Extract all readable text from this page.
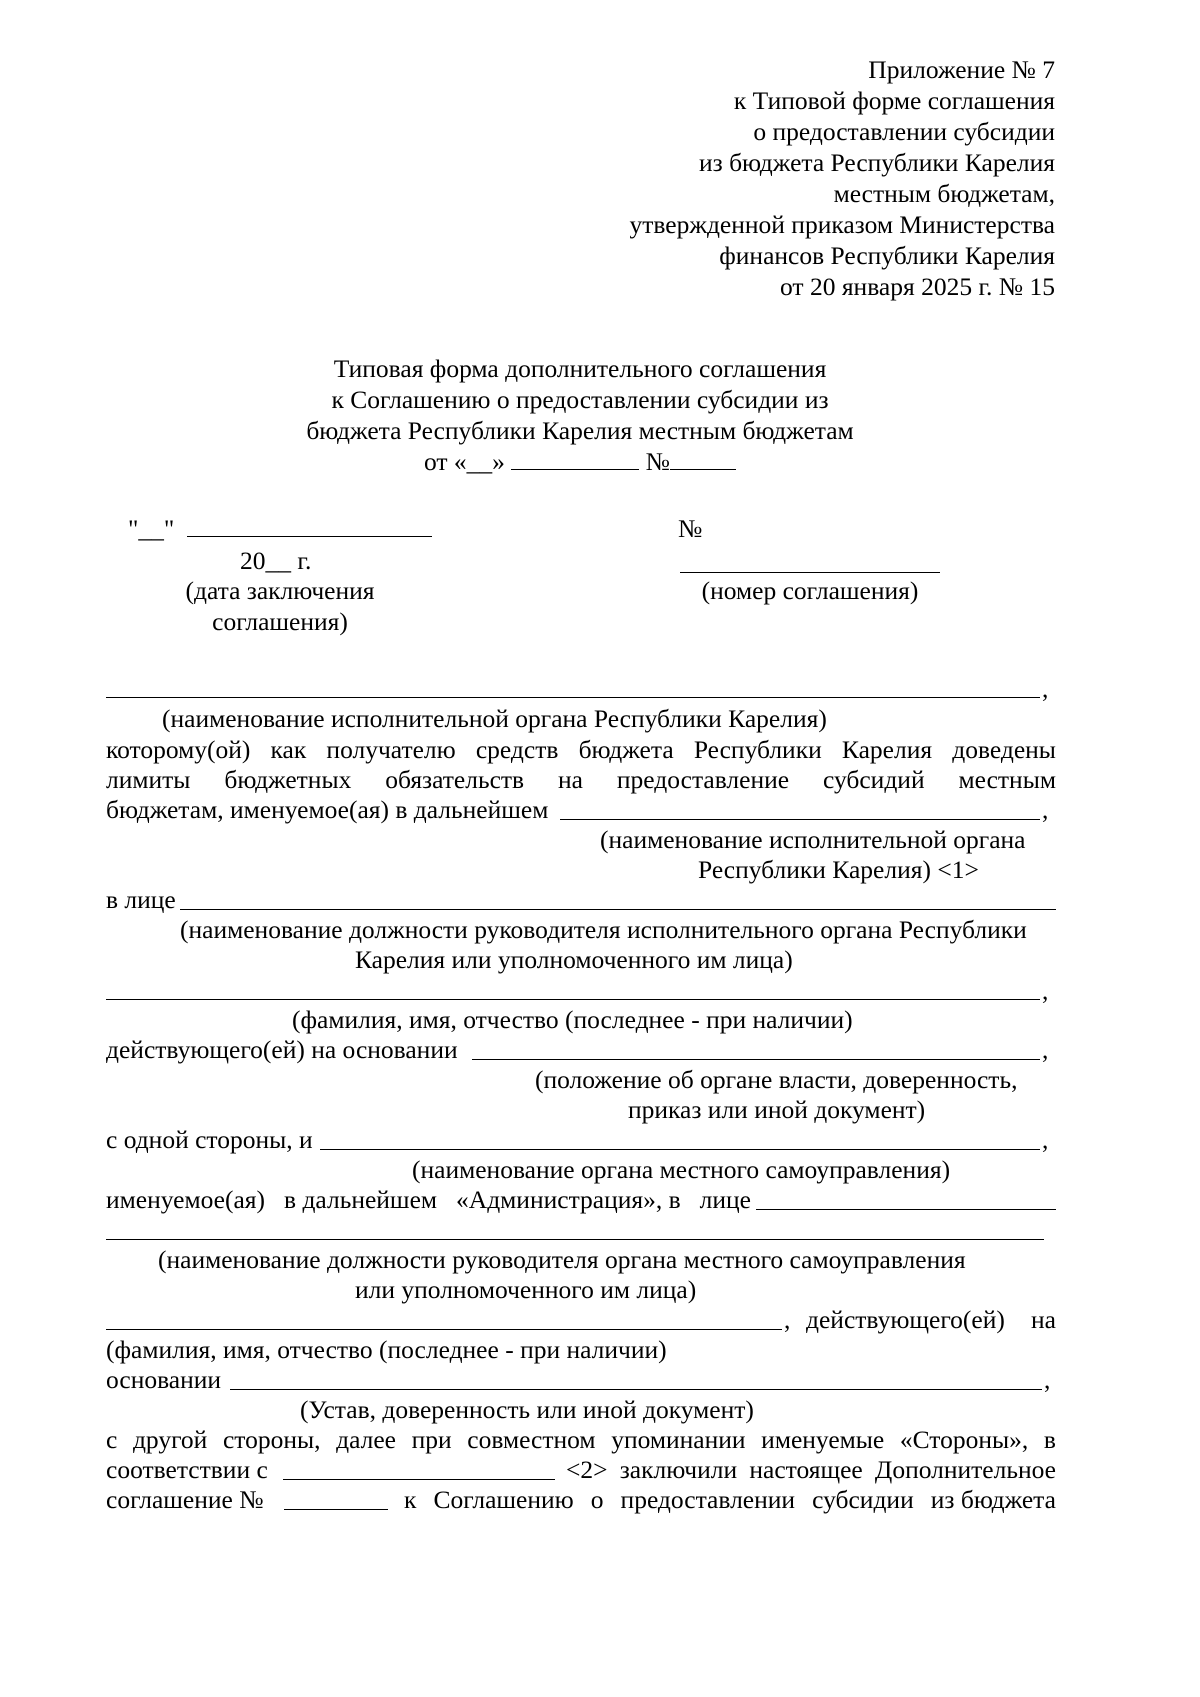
Приложение № 7
к Типовой форме соглашения
о предоставлении субсидии
из бюджета Республики Карелия
местным бюджетам,
утвержденной приказом Министерства
финансов Республики Карелия
от 20 января 2025 г. № 15
Типовая форма дополнительного соглашения
к Соглашению о предоставлении субсидии из
бюджета Республики Карелия местным бюджетам
от «__»	№
"__"
20__ г.
(дата заключения
соглашения)
№
(номер соглашения)
,
(наименование исполнительной органа Республики Карелия)
которому(ой) как получателю средств бюджета Республики Карелия доведены
лимиты бюджетных обязательств на предоставление субсидий местным
бюджетам, именуемое(ая) в дальнейшем	,
(наименование исполнительной органа
Республики Карелия) <1>
в лице
(наименование должности руководителя исполнительного органа Республики
Карелия или уполномоченного им лица)
,
(фамилия, имя, отчество (последнее - при наличии)
действующего(ей) на основании	,
(положение об органе власти, доверенность,
приказ или иной документ)
с одной стороны, и	,
(наименование органа местного самоуправления)
именуемое(ая) в дальнейшем «Администрация», в лице
(наименование должности руководителя органа местного самоуправления
или уполномоченного им лица)
, действующего(ей) на
(фамилия, имя, отчество (последнее - при наличии)
основании	,
(Устав, доверенность или иной документ)
с другой стороны, далее при совместном упоминании именуемые «Стороны», в
соответствии с	<2> заключили настоящее Дополнительное
соглашение №	к Соглашению о предоставлении субсидии из бюджета
